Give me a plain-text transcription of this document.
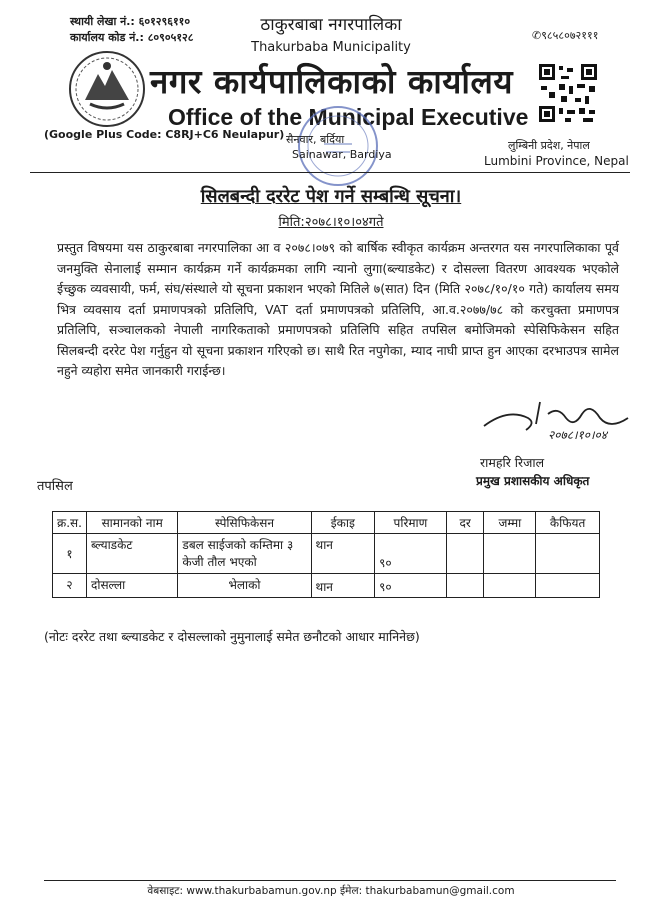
स्थायी लेखा नं.: ६०१२९६११०
कार्यालय कोड नं.: ८०९०५१२८
ठाकुरबाबा नगरपालिका
Thakurbaba Municipality
✆९८५८०७२१११
नगर कार्यपालिकाको कार्यालय
Office of the Municipal Executive
(Google Plus Code: C8RJ+C6 Neulapur) सैनवार, बर्दिया
Sainawar, Bardiya
लुम्बिनी प्रदेश, नेपाल
Lumbini Province, Nepal
सिलबन्दी दररेट पेश गर्ने सम्बन्धि सूचना।
मिति:२०७८।१०।०४गते
प्रस्तुत विषयमा यस ठाकुरबाबा नगरपालिका आ व २०७८।०७९ को बार्षिक स्वीकृत कार्यक्रम अन्तरगत यस नगरपालिकाका पूर्व जनमुक्ति सेनालाई सम्मान कार्यक्रम गर्ने कार्यक्रमका लागि न्यानो लुगा(ब्ल्याडकेट) र दोसल्ला वितरण आवश्यक भएकोले ईच्छुक व्यवसायी, फर्म, संघ/संस्थाले यो सूचना प्रकाशन भएको मितिले ७(सात) दिन (मिति २०७८/१०/१० गते) कार्यालय समय भित्र व्यवसाय दर्ता प्रमाणपत्रको प्रतिलिपि, VAT दर्ता प्रमाणपत्रको प्रतिलिपि, आ.व.२०७७/७८ को करचुक्ता प्रमाणपत्र प्रतिलिपि, सञ्चालकको नेपाली नागरिकताको प्रमाणपत्रको प्रतिलिपि सहित तपसिल बमोजिमको स्पेसिफिकेसन सहित सिलबन्दी दररेट पेश गर्नुहुन यो सूचना प्रकाशन गरिएको छ। साथै रित नपुगेका, म्याद नाघी प्राप्त हुन आएका दरभाउपत्र सामेल नहुने व्यहोरा समेत जानकारी गराईन्छ।
२०७८।१०।०४
रामहरि रिजाल
प्रमुख प्रशासकीय अधिकृत
तपसिल
क्र.स.	सामानको नाम	स्पेसिफिकेसन	ईकाइ	परिमाण	दर	जम्मा	कैफियत
१	ब्ल्याडकेट	डबल साईजको कम्तिमा ३ केजी तौल भएको	थान	९०			
२	दोसल्ला	भेलाको	थान	९०			
(नोटः दररेट तथा ब्ल्याडकेट र दोसल्लाको नुमुनालाई समेत छनौटको आधार मानिनेछ)
वेबसाइट: www.thakurbabamun.gov.np ईमेल: thakurbabamun@gmail.com
